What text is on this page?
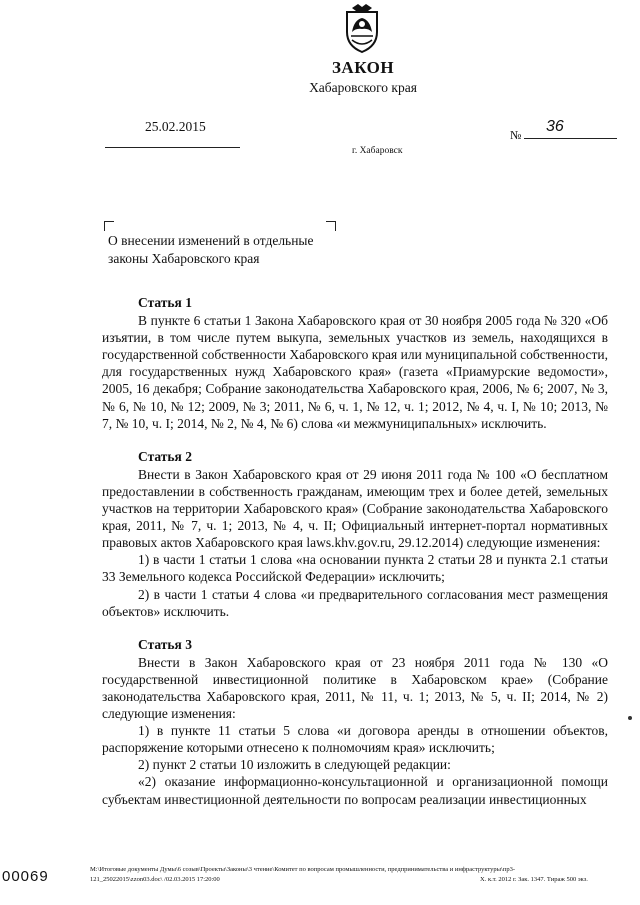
ЗАКОН
Хабаровского края
25.02.2015
№ 36
г. Хабаровск
О внесении изменений в отдельные
законы Хабаровского края
Статья 1

В пункте 6 статьи 1 Закона Хабаровского края от 30 ноября 2005 года № 320 «Об изъятии, в том числе путем выкупа, земельных участков из земель, находящихся в государственной собственности Хабаровского края или муниципальной собственности, для государственных нужд Хабаровского края» (газета «Приамурские ведомости», 2005, 16 декабря; Собрание законодательства Хабаровского края, 2006, № 6; 2007, № 3, № 6, № 10, № 12; 2009, № 3; 2011, № 6, ч. 1, № 12, ч. 1; 2012, № 4, ч. I, № 10; 2013, № 7, № 10, ч. I; 2014, № 2, № 4, № 6) слова «и межмуниципальных» исключить.

Статья 2

Внести в Закон Хабаровского края от 29 июня 2011 года № 100 «О бесплатном предоставлении в собственность гражданам, имеющим трех и более детей, земельных участков на территории Хабаровского края» (Собрание законодательства Хабаровского края, 2011, № 7, ч. 1; 2013, № 4, ч. II; Официальный интернет-портал нормативных правовых актов Хабаровского края laws.khv.gov.ru, 29.12.2014) следующие изменения:

1) в части 1 статьи 1 слова «на основании пункта 2 статьи 28 и пункта 2.1 статьи 33 Земельного кодекса Российской Федерации» исключить;

2) в части 1 статьи 4 слова «и предварительного согласования мест размещения объектов» исключить.

Статья 3

Внести в Закон Хабаровского края от 23 ноября 2011 года № 130 «О государственной инвестиционной политике в Хабаровском крае» (Собрание законодательства Хабаровского края, 2011, № 11, ч. 1; 2013, № 5, ч. II; 2014, № 2) следующие изменения:

1) в пункте 11 статьи 5 слова «и договора аренды в отношении объектов, распоряжение которыми отнесено к полномочиям края» исключить;

2) пункт 2 статьи 10 изложить в следующей редакции:

«2) оказание информационно-консультационной и организационной помощи субъектам инвестиционной деятельности по вопросам реализации инвестиционных

00069	М:\Итоговые документы Думы\6 созыв\Проекты\Законы\3 чтение\Комитет по вопросам промышленности, предпринимательства и инфраструктуры\пр3-
121_25022015\zzon03.doc\ /02.03.2015 17:20:00	Х. к.т. 2012 г. Зак. 1347. Тираж 500 экз.
